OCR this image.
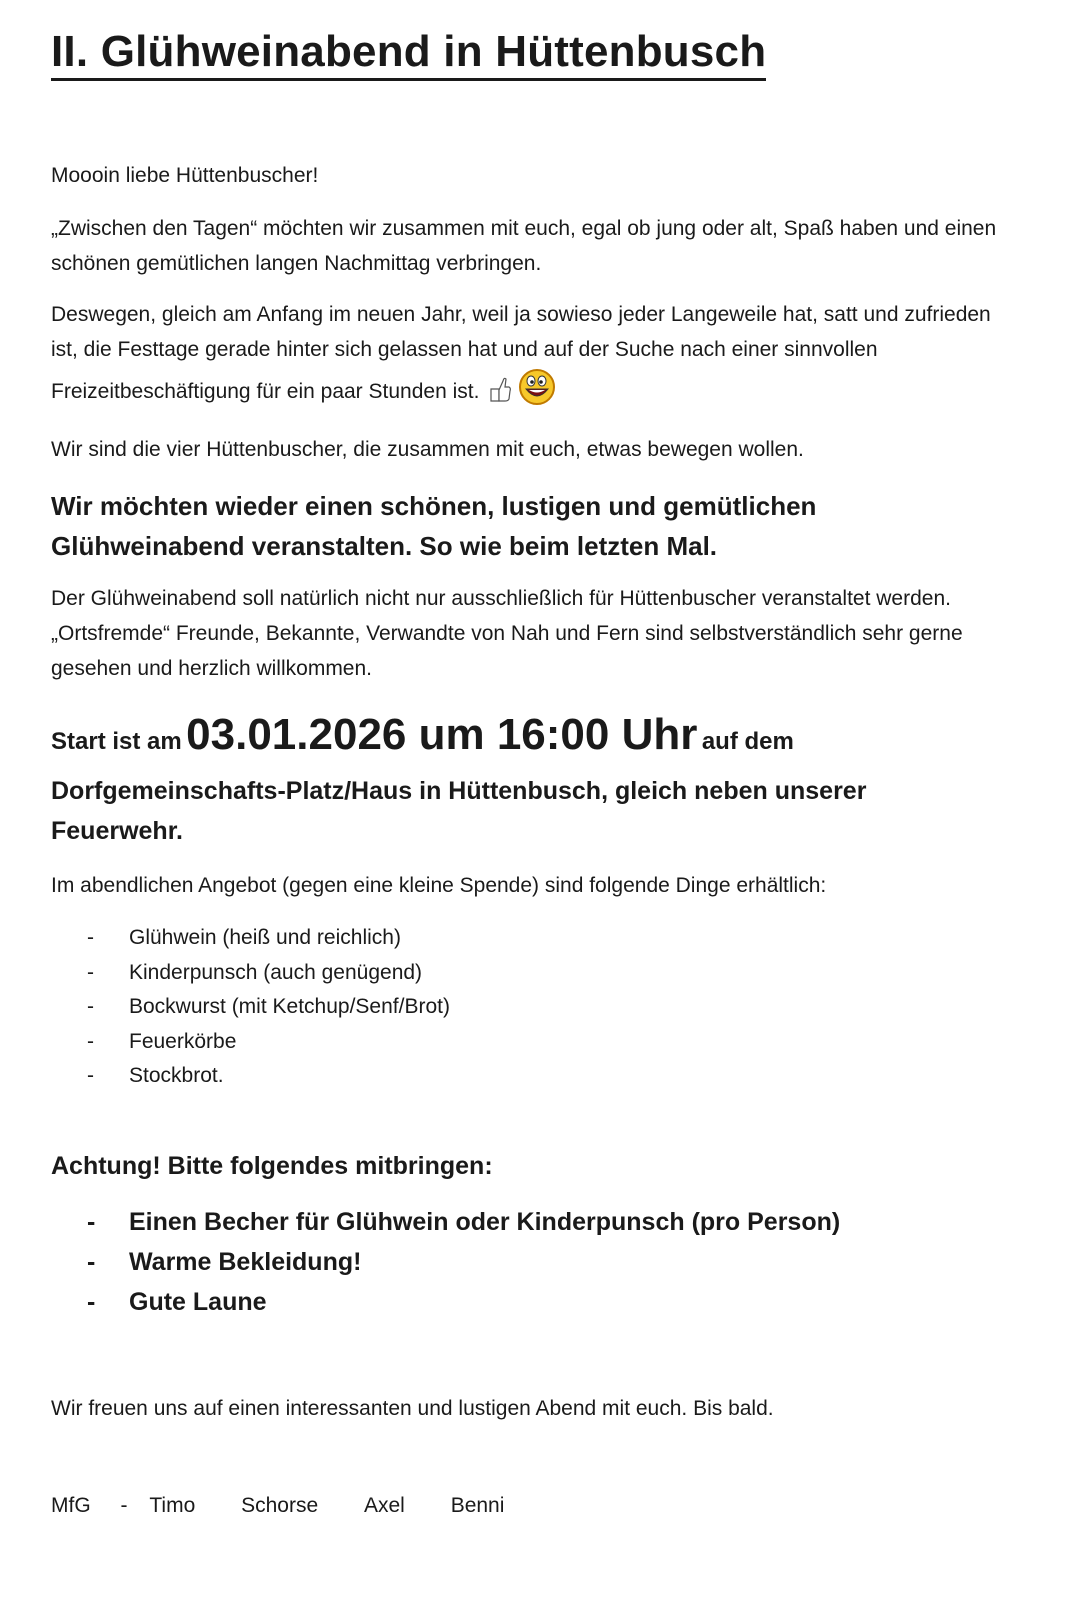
II. Glühweinabend in Hüttenbusch

Moooin liebe Hüttenbuscher!

„Zwischen den Tagen“ möchten wir zusammen mit euch, egal ob jung oder alt, Spaß haben und einen schönen gemütlichen langen Nachmittag verbringen.

Deswegen, gleich am Anfang im neuen Jahr, weil ja sowieso jeder Langeweile hat, satt und zufrieden ist, die Festtage gerade hinter sich gelassen hat und auf der Suche nach einer sinnvollen Freizeitbeschäftigung für ein paar Stunden ist.

Wir sind die vier Hüttenbuscher, die zusammen mit euch, etwas bewegen wollen.

Wir möchten wieder einen schönen, lustigen und gemütlichen Glühweinabend veranstalten. So wie beim letzten Mal.

Der Glühweinabend soll natürlich nicht nur ausschließlich für Hüttenbuscher veranstaltet werden. „Ortsfremde“ Freunde, Bekannte, Verwandte von Nah und Fern sind selbstverständlich sehr gerne gesehen und herzlich willkommen.

Start ist am 03.01.2026 um 16:00 Uhr auf dem

Dorfgemeinschafts-Platz/Haus in Hüttenbusch, gleich neben unserer Feuerwehr.

Im abendlichen Angebot (gegen eine kleine Spende) sind folgende Dinge erhältlich:

- Glühwein (heiß und reichlich)
- Kinderpunsch (auch genügend)
- Bockwurst (mit Ketchup/Senf/Brot)
- Feuerkörbe
- Stockbrot.

Achtung! Bitte folgendes mitbringen:

- Einen Becher für Glühwein oder Kinderpunsch (pro Person)
- Warme Bekleidung!
- Gute Laune

Wir freuen uns auf einen interessanten und lustigen Abend mit euch. Bis bald.

MfG - Timo Schorse Axel Benni
